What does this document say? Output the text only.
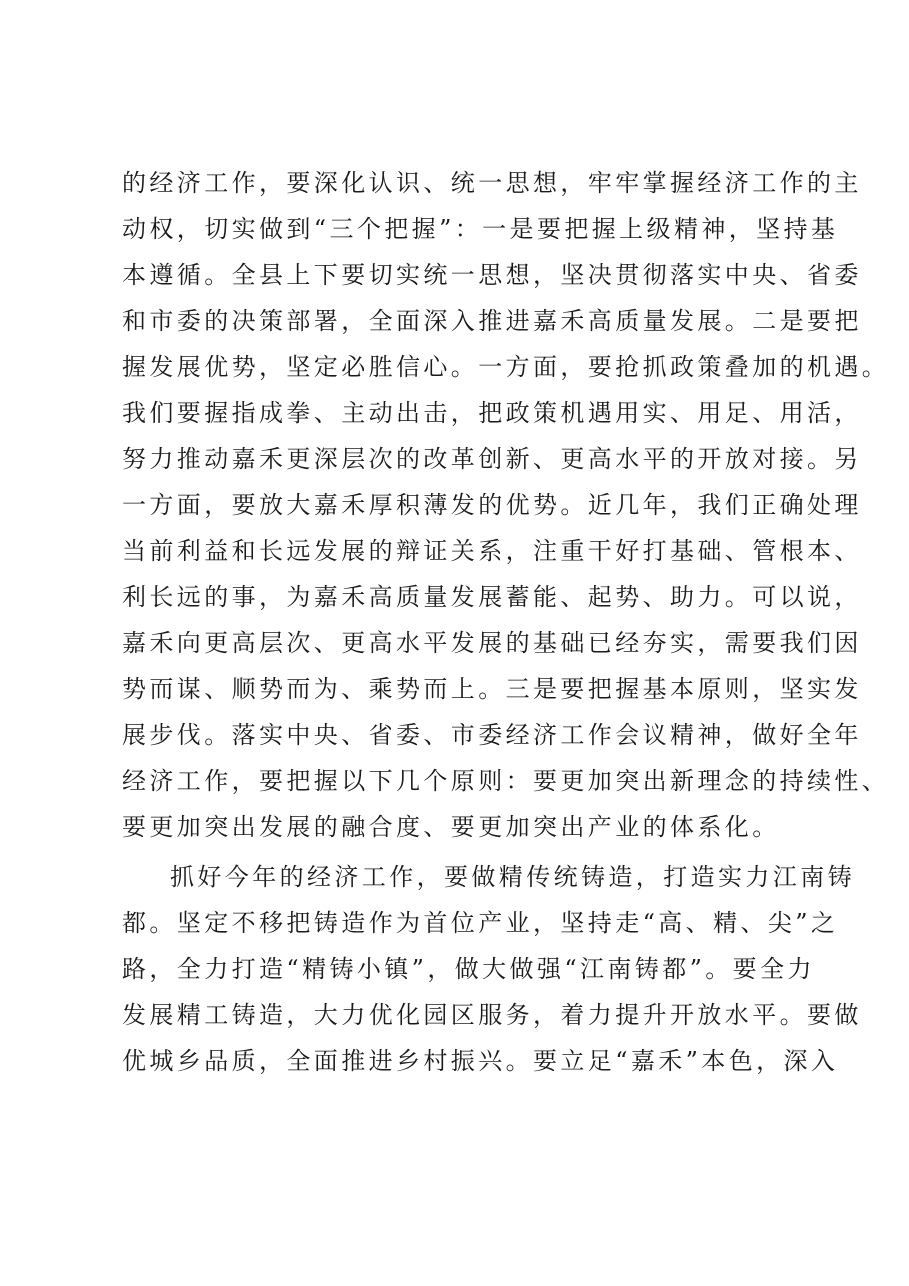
的经济工作，要深化认识、统一思想，牢牢掌握经济工作的主

动权，切实做到“三个把握”：一是要把握上级精神，坚持基

本遵循。全县上下要切实统一思想，坚决贯彻落实中央、省委

和市委的决策部署，全面深入推进嘉禾高质量发展。二是要把

握发展优势，坚定必胜信心。一方面，要抢抓政策叠加的机遇。

我们要握指成拳、主动出击，把政策机遇用实、用足、用活，

努力推动嘉禾更深层次的改革创新、更高水平的开放对接。另

一方面，要放大嘉禾厚积薄发的优势。近几年，我们正确处理

当前利益和长远发展的辩证关系，注重干好打基础、管根本、

利长远的事，为嘉禾高质量发展蓄能、起势、助力。可以说，

嘉禾向更高层次、更高水平发展的基础已经夯实，需要我们因

势而谋、顺势而为、乘势而上。三是要把握基本原则，坚实发

展步伐。落实中央、省委、市委经济工作会议精神，做好全年

经济工作，要把握以下几个原则：要更加突出新理念的持续性、

要更加突出发展的融合度、要更加突出产业的体系化。

抓好今年的经济工作，要做精传统铸造，打造实力江南铸

都。坚定不移把铸造作为首位产业，坚持走“高、精、尖”之

路，全力打造“精铸小镇”，做大做强“江南铸都”。要全力

发展精工铸造，大力优化园区服务，着力提升开放水平。要做

优城乡品质，全面推进乡村振兴。要立足“嘉禾”本色，深入
